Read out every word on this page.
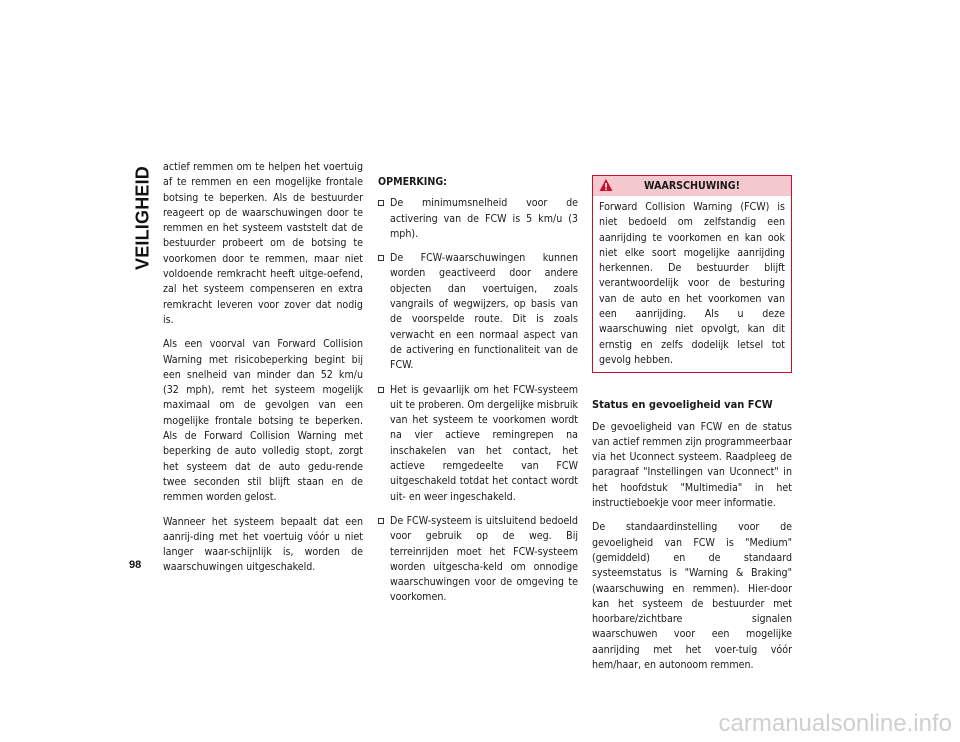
VEILIGHEID
98

actief remmen om te helpen het voertuig af te remmen en een mogelijke frontale botsing te beperken. Als de bestuurder reageert op de waarschuwingen door te remmen en het systeem vaststelt dat de bestuurder probeert om de botsing te voorkomen door te remmen, maar niet voldoende remkracht heeft uitge-oefend, zal het systeem compenseren en extra remkracht leveren voor zover dat nodig is.

Als een voorval van Forward Collision Warning met risicobeperking begint bij een snelheid van minder dan 52 km/u (32 mph), remt het systeem mogelijk maximaal om de gevolgen van een mogelijke frontale botsing te beperken. Als de Forward Collision Warning met beperking de auto volledig stopt, zorgt het systeem dat de auto gedu-rende twee seconden stil blijft staan en de remmen worden gelost.

Wanneer het systeem bepaalt dat een aanrij-ding met het voertuig vóór u niet langer waar-schijnlijk is, worden de waarschuwingen uitgeschakeld.

OPMERKING:
De minimumsnelheid voor de activering van de FCW is 5 km/u (3 mph).
De FCW-waarschuwingen kunnen worden geactiveerd door andere objecten dan voertuigen, zoals vangrails of wegwijzers, op basis van de voorspelde route. Dit is zoals verwacht en een normaal aspect van de activering en functionaliteit van de FCW.
Het is gevaarlijk om het FCW-systeem uit te proberen. Om dergelijke misbruik van het systeem te voorkomen wordt na vier actieve remingrepen na inschakelen van het contact, het actieve remgedeelte van FCW uitgeschakeld totdat het contact wordt uit- en weer ingeschakeld.
De FCW-systeem is uitsluitend bedoeld voor gebruik op de weg. Bij terreinrijden moet het FCW-systeem worden uitgescha-keld om onnodige waarschuwingen voor de omgeving te voorkomen.
WAARSCHUWING!
Forward Collision Warning (FCW) is niet bedoeld om zelfstandig een aanrijding te voorkomen en kan ook niet elke soort mogelijke aanrijding herkennen. De bestuurder blijft verantwoordelijk voor de besturing van de auto en het voorkomen van een aanrijding. Als u deze waarschuwing niet opvolgt, kan dit ernstig en zelfs dodelijk letsel tot gevolg hebben.
Status en gevoeligheid van FCW

De gevoeligheid van FCW en de status van actief remmen zijn programmeerbaar via het Uconnect systeem. Raadpleeg de paragraaf "Instellingen van Uconnect" in het hoofdstuk "Multimedia" in het instructieboekje voor meer informatie.

De standaardinstelling voor de gevoeligheid van FCW is "Medium" (gemiddeld) en de standaard systeemstatus is "Warning & Braking" (waarschuwing en remmen). Hier-door kan het systeem de bestuurder met hoorbare/zichtbare signalen waarschuwen voor een mogelijke aanrijding met het voer-tuig vóór hem/haar, en autonoom remmen.

carmanualsonline.info
